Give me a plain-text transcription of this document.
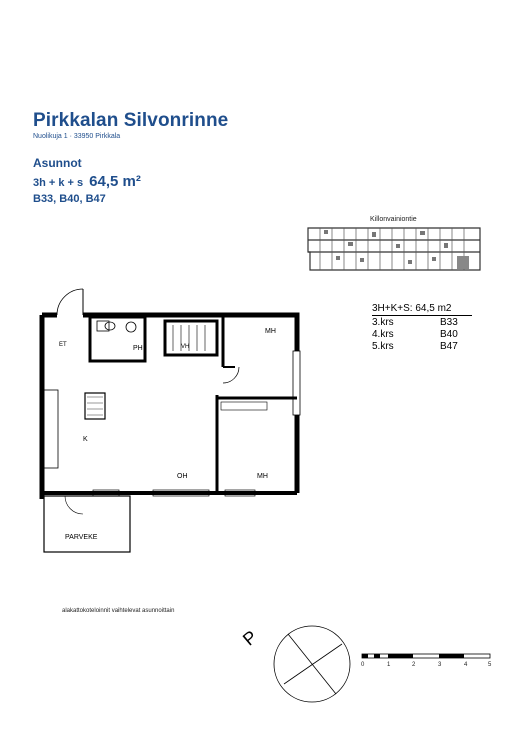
Pirkkalan Silvonrinne
Nuolikuja 1 · 33950 Pirkkala
Asunnot
3h + k + s 64,5 m²
B33, B40, B47
Killonvainiontie
3H+K+S: 64,5 m2
3.krs	B33
4.krs	B40
5.krs	B47
MH
MH
OH
K
PH
ET	VH
PARVEKE
alakattokoteloinnit vaihtelevat asunnoittain
P
0	1	2	3	4	5
